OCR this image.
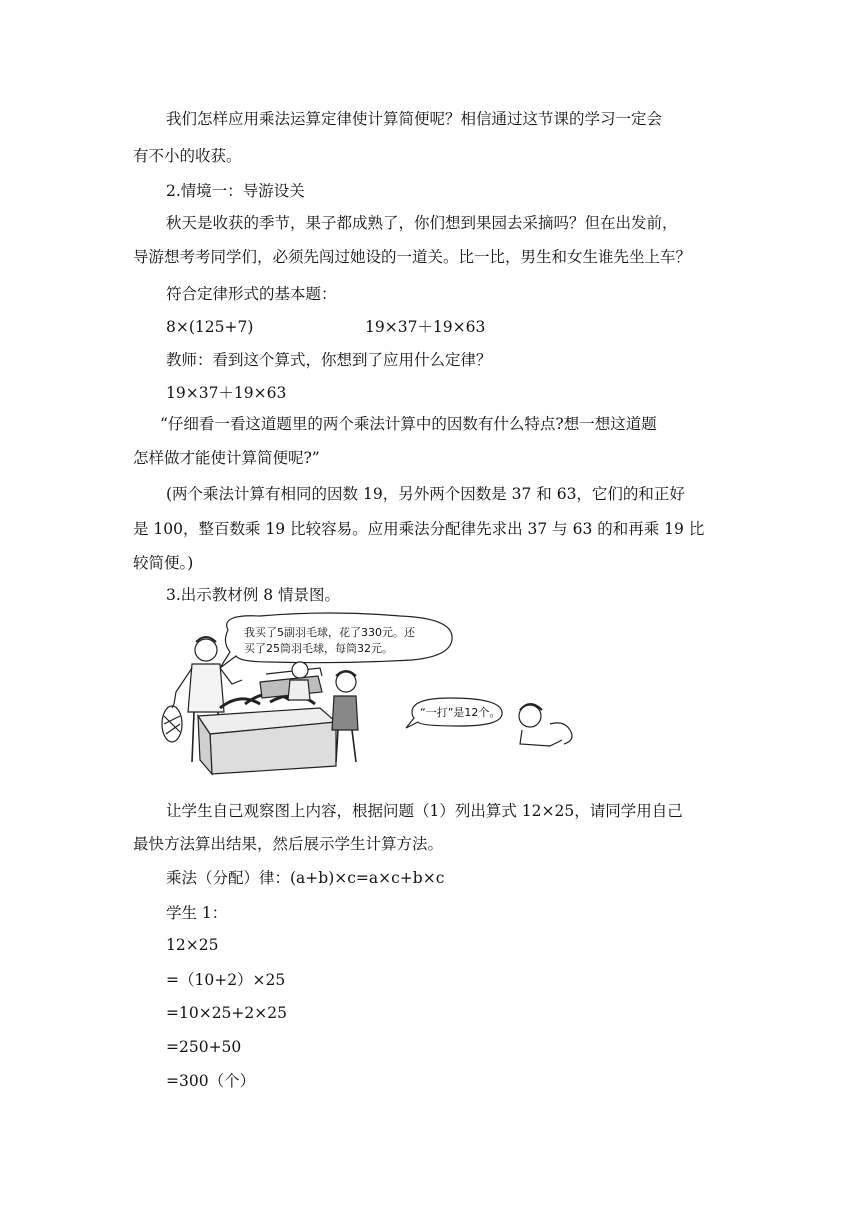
我们怎样应用乘法运算定律使计算简便呢？相信通过这节课的学习一定会
有不小的收获。
2.情境一：导游设关
秋天是收获的季节，果子都成熟了，你们想到果园去采摘吗？但在出发前，
导游想考考同学们，必须先闯过她设的一道关。比一比，男生和女生谁先坐上车？
符合定律形式的基本题：
8×(125+7)	19×37＋19×63
教师：看到这个算式，你想到了应用什么定律？
19×37＋19×63
“仔细看一看这道题里的两个乘法计算中的因数有什么特点?想一想这道题
怎样做才能使计算简便呢?”
(两个乘法计算有相同的因数 19，另外两个因数是 37 和 63，它们的和正好
是 100，整百数乘 19 比较容易。应用乘法分配律先求出 37 与 63 的和再乘 19 比
较简便。)
3.出示教材例 8 情景图。
我买了5副羽毛球，花了330元。还
买了25筒羽毛球，每筒32元。
“一打”是12个。
让学生自己观察图上内容，根据问题（1）列出算式 12×25，请同学用自己
最快方法算出结果，然后展示学生计算方法。
乘法（分配）律：(a+b)×c=a×c+b×c
学生 1：
12×25
=（10+2）×25
=10×25+2×25
=250+50
=300（个）
